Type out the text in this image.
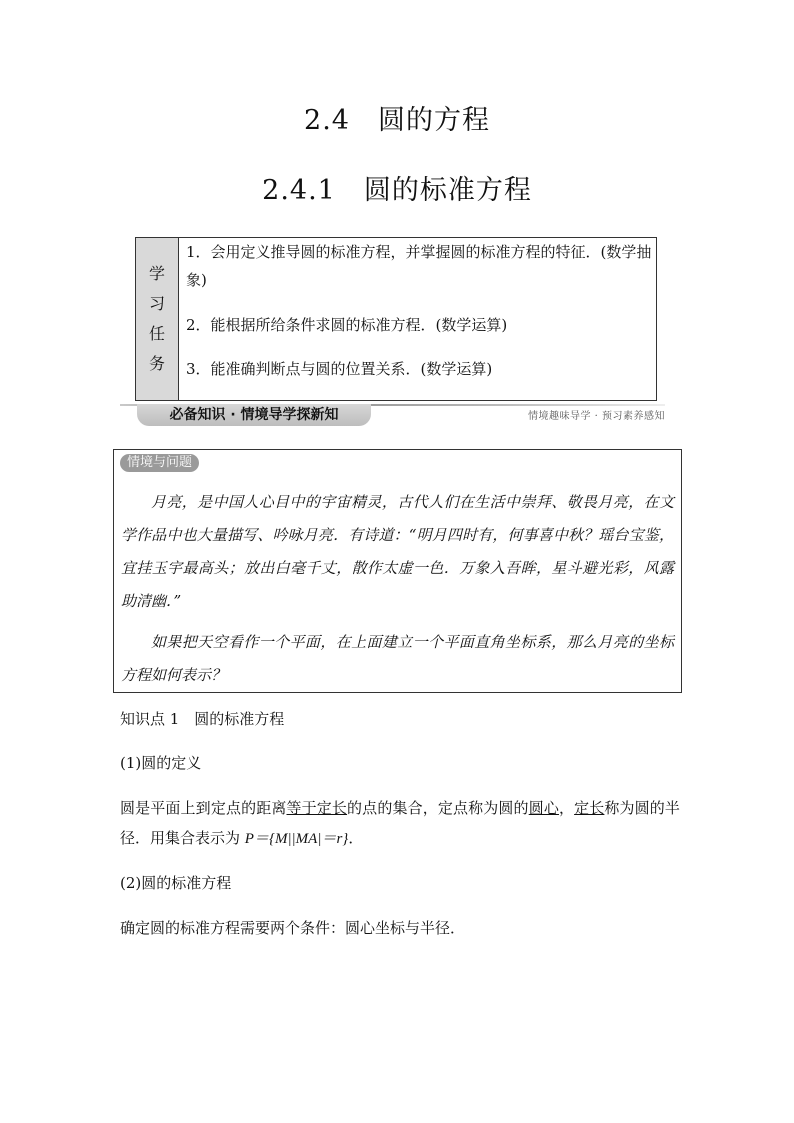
2.4　圆的方程
2.4.1　圆的标准方程
学
习
任
务
1．会用定义推导圆的标准方程，并掌握圆的标准方程的特征．(数学抽象)
2．能根据所给条件求圆的标准方程．(数学运算)
3．能准确判断点与圆的位置关系．(数学运算)
必备知识 · 情境导学探新知	情境趣味导学 · 预习素养感知
情境与问题

月亮，是中国人心目中的宇宙精灵，古代人们在生活中崇拜、敬畏月亮，在文学作品中也大量描写、吟咏月亮．有诗道：“明月四时有，何事喜中秋？瑶台宝鉴，宜挂玉宇最高头；放出白毫千丈，散作太虚一色．万象入吾眸，星斗避光彩，风露助清幽．”

如果把天空看作一个平面，在上面建立一个平面直角坐标系，那么月亮的坐标方程如何表示？

知识点 1　圆的标准方程
(1)圆的定义
圆是平面上到定点的距离等于定长的点的集合，定点称为圆的圆心，定长称为圆的半径．用集合表示为 P＝{M||MA|＝r}．
(2)圆的标准方程
确定圆的标准方程需要两个条件：圆心坐标与半径．
